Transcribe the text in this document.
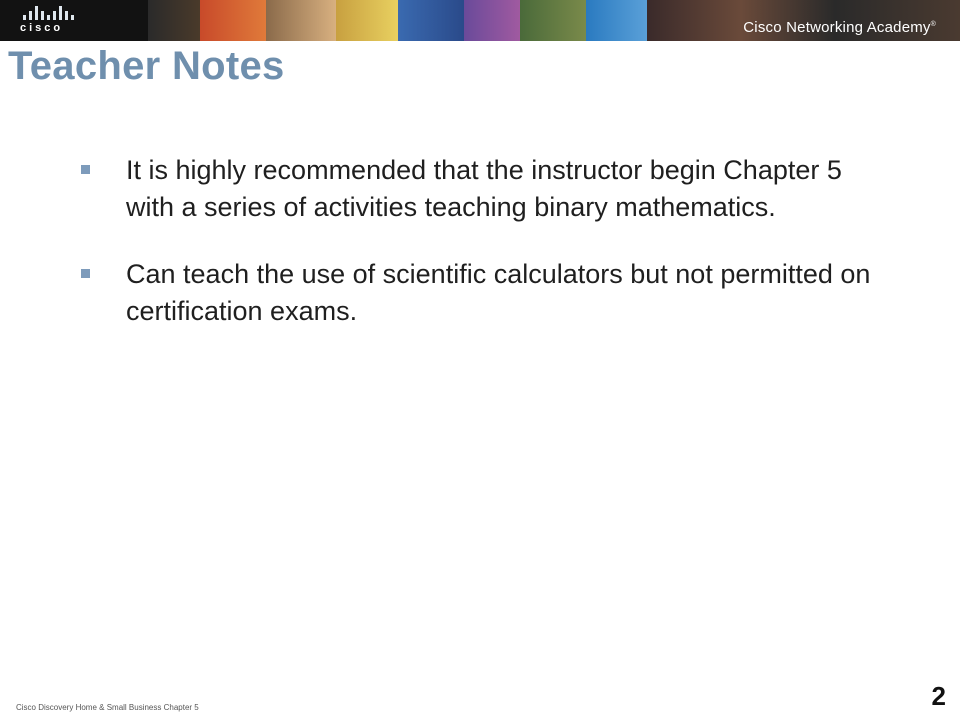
cisco	Cisco Networking Academy®
Teacher Notes
It is highly recommended that the instructor begin Chapter 5 with a series of activities teaching binary mathematics.
Can teach the use of scientific calculators but not permitted on certification exams.
Cisco Discovery Home & Small Business Chapter 5	2
